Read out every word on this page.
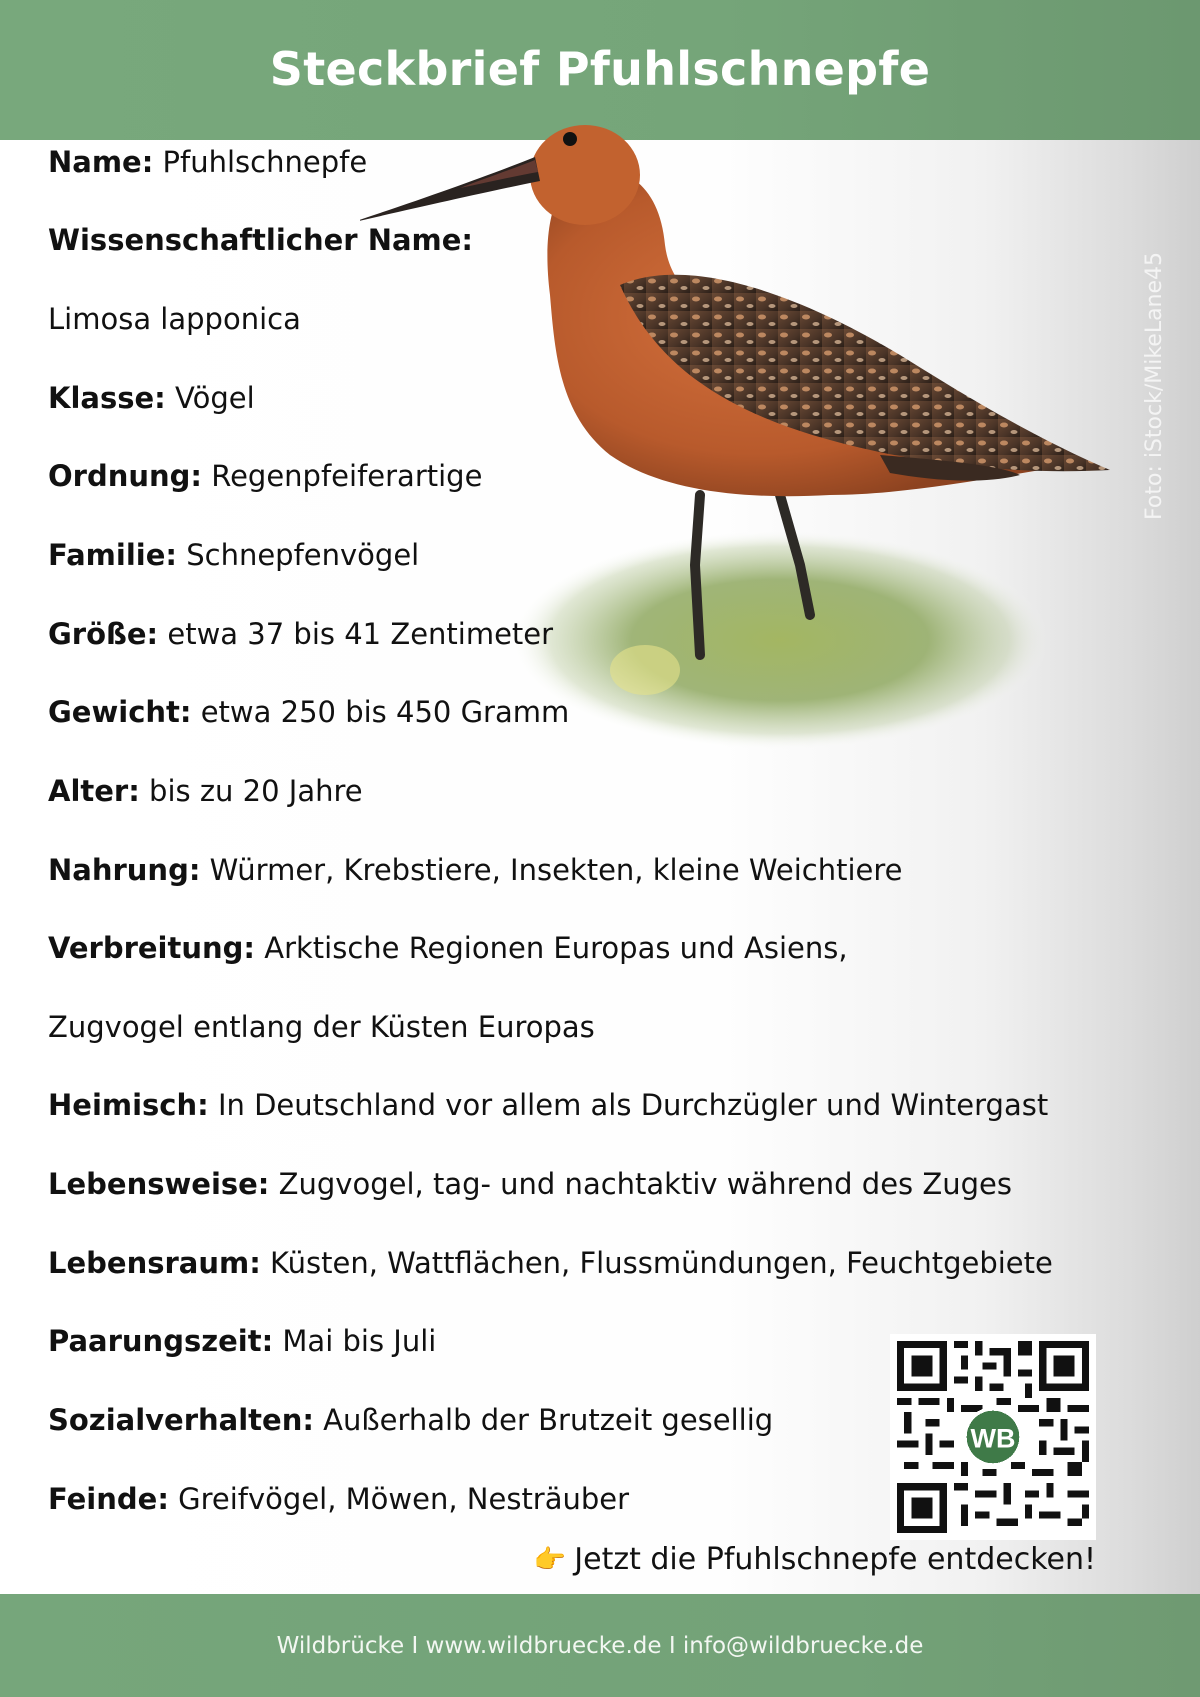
Steckbrief Pfuhlschnepfe
Foto: iStock/MikeLane45
Name: Pfuhlschnepfe
Wissenschaftlicher Name:
Limosa lapponica
Klasse: Vögel
Ordnung: Regenpfeiferartige
Familie: Schnepfenvögel
Größe: etwa 37 bis 41 Zentimeter
Gewicht: etwa 250 bis 450 Gramm
Alter: bis zu 20 Jahre
Nahrung: Würmer, Krebstiere, Insekten, kleine Weichtiere
Verbreitung: Arktische Regionen Europas und Asiens,
Zugvogel entlang der Küsten Europas
Heimisch: In Deutschland vor allem als Durchzügler und Wintergast
Lebensweise: Zugvogel, tag- und nachtaktiv während des Zuges
Lebensraum: Küsten, Wattflächen, Flussmündungen, Feuchtgebiete
Paarungszeit: Mai bis Juli
Sozialverhalten: Außerhalb der Brutzeit gesellig
Feinde: Greifvögel, Möwen, Nesträuber
WB
👉 Jetzt die Pfuhlschnepfe entdecken!
Wildbrücke I www.wildbruecke.de I info@wildbruecke.de
